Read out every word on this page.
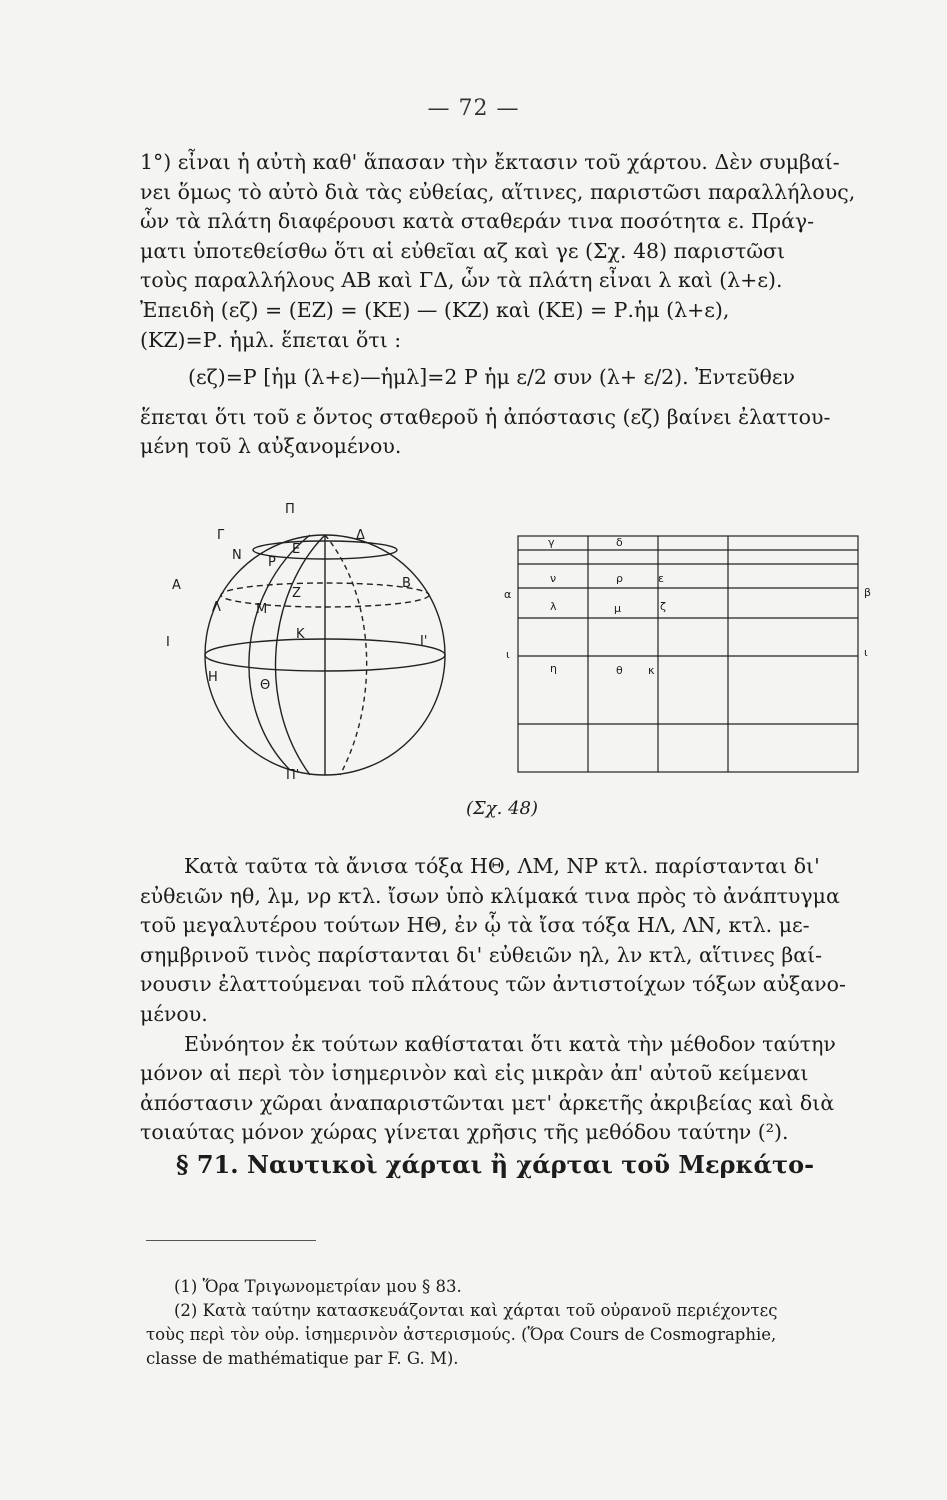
— 72 —
1°) εἶναι ἡ αὐτὴ καθ' ἅπασαν τὴν ἔκτασιν τοῦ χάρτου. Δὲν συμβαί-
νει ὅμως τὸ αὐτὸ διὰ τὰς εὐθείας, αἵτινες, παριστῶσι παραλλήλους,
ὧν τὰ πλάτη διαφέρουσι κατὰ σταθεράν τινα ποσότητα ε. Πράγ-
ματι ὑποτεθείσθω ὅτι αἱ εὐθεῖαι αζ καὶ γε (Σχ. 48) παριστῶσι
τοὺς παραλλήλους ΑΒ καὶ ΓΔ, ὧν τὰ πλάτη εἶναι λ καὶ (λ+ε).
Ἐπειδὴ (εζ) = (ΕΖ) = (ΚΕ) — (ΚΖ) καὶ (ΚΕ) = Ρ.ἡμ (λ+ε),
(ΚΖ)=Ρ. ἡμλ. ἕπεται ὅτι :
(εζ)=Ρ [ἡμ (λ+ε)—ἡμλ]=2 Ρ ἡμ ε/2 συν (λ+ ε/2). Ἐντεῦθεν
ἕπεται ὅτι τοῦ ε ὄντος σταθεροῦ ἡ ἀπόστασις (εζ) βαίνει ἐλαττου-
μένη τοῦ λ αὐξανομένου.
Π
Γ	Δ
Ν Ρ
Ε
Α	Β
Λ
Ζ
Μ
Ι
Κ	Ι'
Η
Θ
Π'
γ	δ
ν	ρ	ε
α	β
λ	μ	ζ
ι	ι
η	θ κ
(Σχ. 48)
Κατὰ ταῦτα τὰ ἄνισα τόξα ΗΘ, ΛΜ, ΝΡ κτλ. παρίστανται δι'
εὐθειῶν ηθ, λμ, νρ κτλ. ἴσων ὑπὸ κλίμακά τινα πρὸς τὸ ἀνάπτυγμα
τοῦ μεγαλυτέρου τούτων ΗΘ, ἐν ᾧ τὰ ἴσα τόξα ΗΛ, ΛΝ, κτλ. με-
σημβρινοῦ τινὸς παρίστανται δι' εὐθειῶν ηλ, λν κτλ, αἵτινες βαί-
νουσιν ἐλαττούμεναι τοῦ πλάτους τῶν ἀντιστοίχων τόξων αὐξανο-
μένου.
Εὐνόητον ἐκ τούτων καθίσταται ὅτι κατὰ τὴν μέθοδον ταύτην
μόνον αἱ περὶ τὸν ἰσημερινὸν καὶ εἰς μικρὰν ἀπ' αὐτοῦ κείμεναι
ἀπόστασιν χῶραι ἀναπαριστῶνται μετ' ἀρκετῆς ἀκριβείας καὶ διὰ
τοιαύτας μόνον χώρας γίνεται χρῆσις τῆς μεθόδου ταύτην (²).
§ 71. Ναυτικοὶ χάρται ἢ χάρται τοῦ Μερκάτο-
(1) Ὅρα Τριγωνομετρίαν μου § 83.
(2) Κατὰ ταύτην κατασκευάζονται καὶ χάρται τοῦ οὐρανοῦ περιέχοντες
τοὺς περὶ τὸν οὐρ. ἰσημερινὸν ἀστερισμούς. (Ὅρα Cours de Cosmographie,
classe de mathématique par F. G. M).
